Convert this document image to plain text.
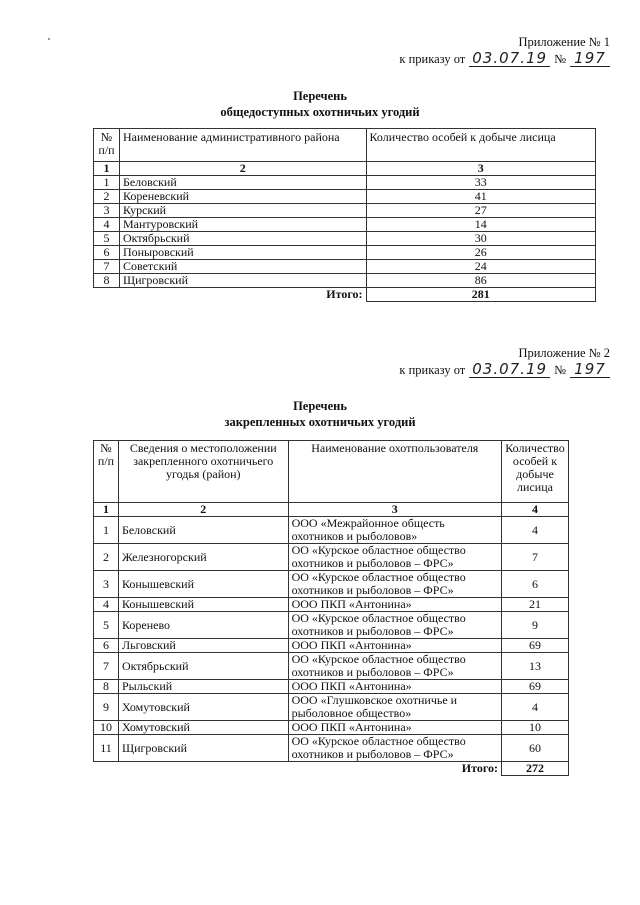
Приложение № 1
к приказу от 03.07.19 № 197
Перечень
общедоступных охотничьих угодий
№ п/п	Наименование административного района	Количество особей к добыче лисица
1	2	3
1	Беловский	33
2	Кореневский	41
3	Курский	27
4	Мантуровский	14
5	Октябрьский	30
6	Поныровский	26
7	Советский	24
8	Щигровский	86
Итого:		281
Приложение № 2
к приказу от 03.07.19 № 197
Перечень
закрепленных охотничьих угодий
№ п/п	Сведения о местоположении закрепленного охотничьего угодья (район)	Наименование охотпользователя	Количество особей к добыче лисица
1	2	3	4
1	Беловский	ООО «Межрайонное общесть охотников и рыболовов»	4
2	Железногорский	ОО «Курское областное общество охотников и рыболовов – ФРС»	7
3	Конышевский	ОО «Курское областное общество охотников и рыболовов – ФРС»	6
4	Конышевский	ООО ПКП «Антонина»	21
5	Коренево	ОО «Курское областное общество охотников и рыболовов – ФРС»	9
6	Льговский	ООО ПКП «Антонина»	69
7	Октябрьский	ОО «Курское областное общество охотников и рыболовов – ФРС»	13
8	Рыльский	ООО ПКП «Антонина»	69
9	Хомутовский	ООО «Глушковское охотничье и рыболовное общество»	4
10	Хомутовский	ООО ПКП «Антонина»	10
11	Щигровский	ОО «Курское областное общество охотников и рыболовов – ФРС»	60
Итого:			272
